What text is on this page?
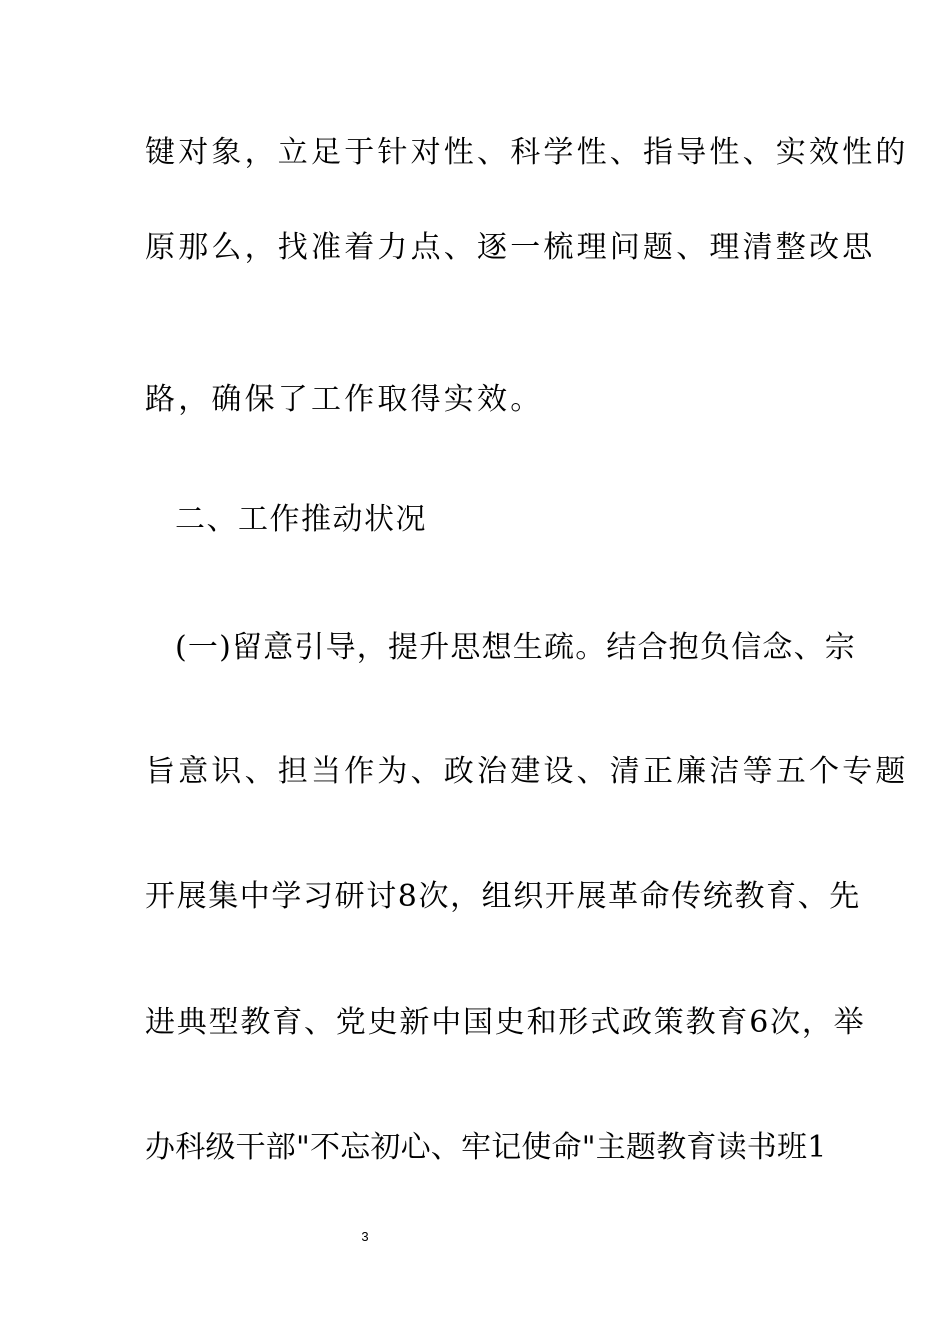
键对象，立足于针对性、科学性、指导性、实效性的
原那么，找准着力点、逐一梳理问题、理清整改思
路，确保了工作取得实效。
二、工作推动状况
(一)留意引导，提升思想生疏。结合抱负信念、宗
旨意识、担当作为、政治建设、清正廉洁等五个专题
开展集中学习研讨8次，组织开展革命传统教育、先
进典型教育、党史新中国史和形式政策教育6次，举
办科级干部"不忘初心、牢记使命"主题教育读书班1
3
